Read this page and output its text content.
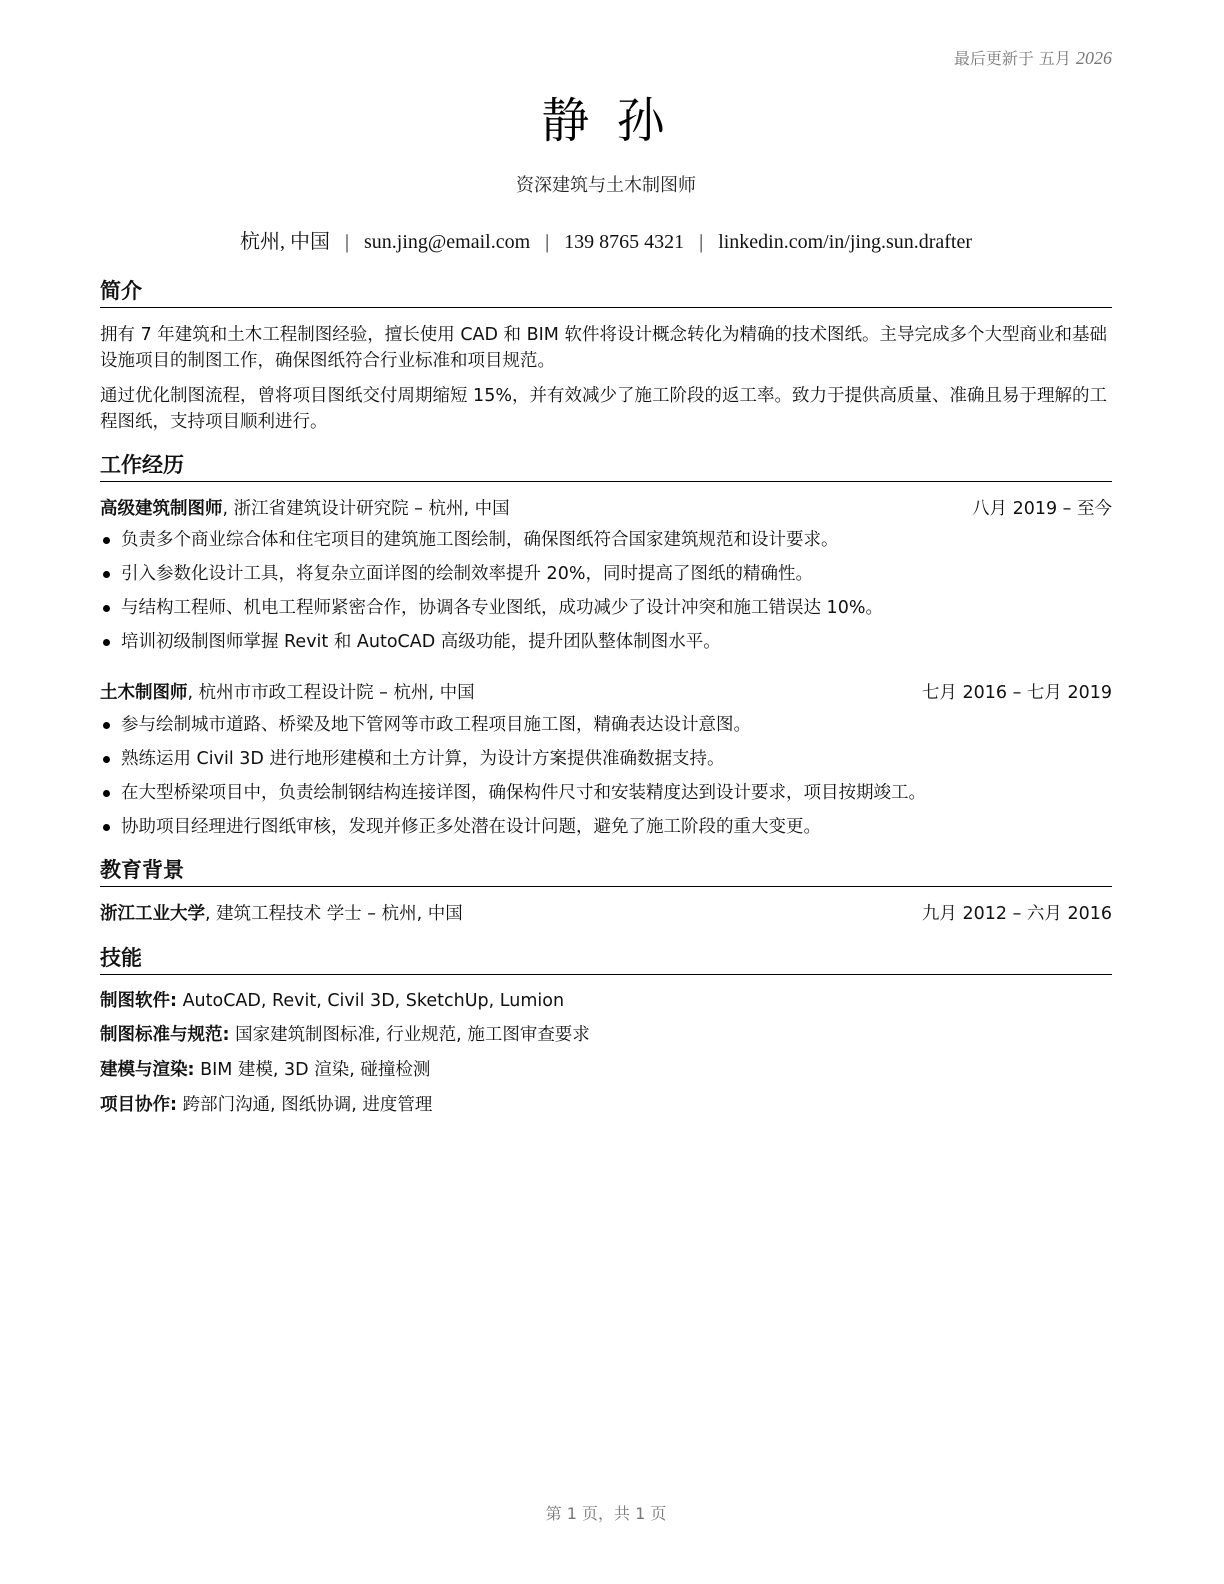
最后更新于 五月 2026
静 孙
资深建筑与土木制图师
杭州, 中国 | sun.jing@email.com | 139 8765 4321 | linkedin.com/in/jing.sun.drafter
简介
拥有 7 年建筑和土木工程制图经验，擅长使用 CAD 和 BIM 软件将设计概念转化为精确的技术图纸。主导完成多个大型商业和基础设施项目的制图工作，确保图纸符合行业标准和项目规范。
通过优化制图流程，曾将项目图纸交付周期缩短 15%，并有效减少了施工阶段的返工率。致力于提供高质量、准确且易于理解的工程图纸，支持项目顺利进行。
工作经历
高级建筑制图师, 浙江省建筑设计研究院 – 杭州, 中国	八月 2019 – 至今
负责多个商业综合体和住宅项目的建筑施工图绘制，确保图纸符合国家建筑规范和设计要求。
引入参数化设计工具，将复杂立面详图的绘制效率提升 20%，同时提高了图纸的精确性。
与结构工程师、机电工程师紧密合作，协调各专业图纸，成功减少了设计冲突和施工错误达 10%。
培训初级制图师掌握 Revit 和 AutoCAD 高级功能，提升团队整体制图水平。
土木制图师, 杭州市市政工程设计院 – 杭州, 中国	七月 2016 – 七月 2019
参与绘制城市道路、桥梁及地下管网等市政工程项目施工图，精确表达设计意图。
熟练运用 Civil 3D 进行地形建模和土方计算，为设计方案提供准确数据支持。
在大型桥梁项目中，负责绘制钢结构连接详图，确保构件尺寸和安装精度达到设计要求，项目按期竣工。
协助项目经理进行图纸审核，发现并修正多处潜在设计问题，避免了施工阶段的重大变更。
教育背景
浙江工业大学, 建筑工程技术 学士 – 杭州, 中国	九月 2012 – 六月 2016
技能
制图软件: AutoCAD, Revit, Civil 3D, SketchUp, Lumion
制图标准与规范: 国家建筑制图标准, 行业规范, 施工图审查要求
建模与渲染: BIM 建模, 3D 渲染, 碰撞检测
项目协作: 跨部门沟通, 图纸协调, 进度管理
第 1 页，共 1 页
